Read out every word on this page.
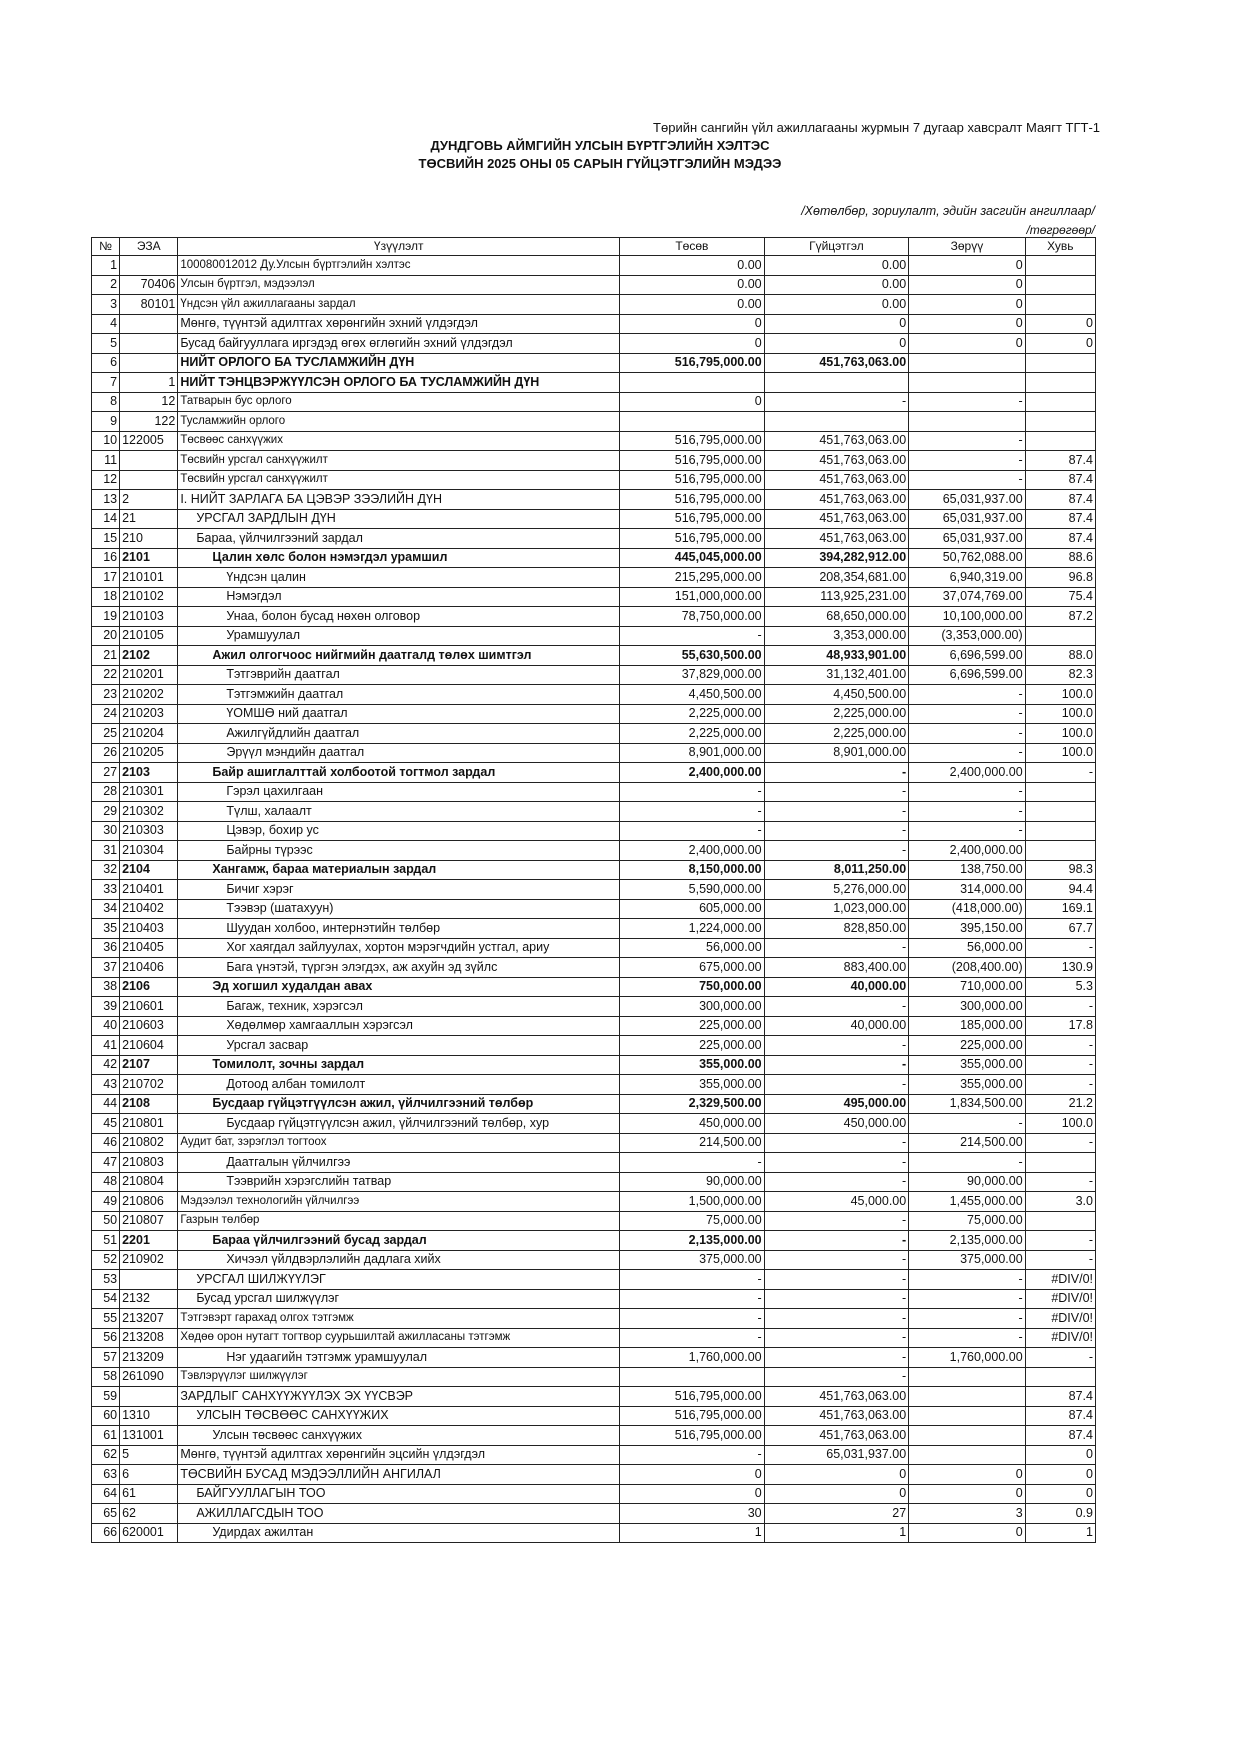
Төрийн сангийн үйл ажиллагааны журмын 7 дугаар хавсралт Маягт ТГТ-1
ДУНДГОВЬ АЙМГИЙН УЛСЫН БҮРТГЭЛИЙН ХЭЛТЭС
ТӨСВИЙН 2025 ОНЫ 05 САРЫН ГҮЙЦЭТГЭЛИЙН МЭДЭЭ
/Хөтөлбөр, зориулалт, эдийн засгийн ангиллаар/
/төгрөгөөр/
№	ЭЗА	Үзүүлэлт	Төсөв	Гүйцэтгэл	Зөрүү	Хувь
1		100080012012 Ду.Улсын бүртгэлийн хэлтэс	0.00	0.00	0	
2	70406	Улсын бүртгэл, мэдээлэл	0.00	0.00	0	
3	80101	Үндсэн үйл ажиллагааны зардал	0.00	0.00	0	
4		Мөнгө, түүнтэй адилтгах хөрөнгийн эхний үлдэгдэл	0	0	0	0
5		Бусад байгууллага иргэдэд өгөх өглөгийн эхний үлдэгдэл	0	0	0	0
6		НИЙТ ОРЛОГО БА ТУСЛАМЖИЙН ДҮН	516,795,000.00	451,763,063.00		
7	1	НИЙТ ТЭНЦВЭРЖҮҮЛСЭН ОРЛОГО БА ТУСЛАМЖИЙН ДҮН				
8	12	Татварын бус орлого	0	-	-	
9	122	Тусламжийн орлого				
10	122005	Төсвөөс санхүүжих	516,795,000.00	451,763,063.00	-	
11		Төсвийн урсгал санхүүжилт	516,795,000.00	451,763,063.00	-	87.4
12		Төсвийн урсгал санхүүжилт	516,795,000.00	451,763,063.00	-	87.4
13	2	I. НИЙТ ЗАРЛАГА БА ЦЭВЭР ЗЭЭЛИЙН ДҮН	516,795,000.00	451,763,063.00	65,031,937.00	87.4
14	21	УРСГАЛ ЗАРДЛЫН ДҮН	516,795,000.00	451,763,063.00	65,031,937.00	87.4
15	210	Бараа, үйлчилгээний зардал	516,795,000.00	451,763,063.00	65,031,937.00	87.4
16	2101	Цалин хөлс болон нэмэгдэл урамшил	445,045,000.00	394,282,912.00	50,762,088.00	88.6
17	210101	Үндсэн цалин	215,295,000.00	208,354,681.00	6,940,319.00	96.8
18	210102	Нэмэгдэл	151,000,000.00	113,925,231.00	37,074,769.00	75.4
19	210103	Унаа, болон бусад нөхөн олговор	78,750,000.00	68,650,000.00	10,100,000.00	87.2
20	210105	Урамшуулал	-	3,353,000.00	(3,353,000.00)	
21	2102	Ажил олгогчоос нийгмийн даатгалд төлөх шимтгэл	55,630,500.00	48,933,901.00	6,696,599.00	88.0
22	210201	Тэтгэврийн даатгал	37,829,000.00	31,132,401.00	6,696,599.00	82.3
23	210202	Тэтгэмжийн даатгал	4,450,500.00	4,450,500.00	-	100.0
24	210203	ҮОМШӨ ний даатгал	2,225,000.00	2,225,000.00	-	100.0
25	210204	Ажилгүйдлийн даатгал	2,225,000.00	2,225,000.00	-	100.0
26	210205	Эрүүл мэндийн даатгал	8,901,000.00	8,901,000.00	-	100.0
27	2103	Байр ашиглалттай холбоотой тогтмол зардал	2,400,000.00	-	2,400,000.00	-
28	210301	Гэрэл цахилгаан	-	-	-	
29	210302	Түлш, халаалт	-	-	-	
30	210303	Цэвэр, бохир ус	-	-	-	
31	210304	Байрны түрээс	2,400,000.00	-	2,400,000.00	
32	2104	Хангамж, бараа материалын зардал	8,150,000.00	8,011,250.00	138,750.00	98.3
33	210401	Бичиг хэрэг	5,590,000.00	5,276,000.00	314,000.00	94.4
34	210402	Тээвэр (шатахуун)	605,000.00	1,023,000.00	(418,000.00)	169.1
35	210403	Шуудан холбоо, интернэтийн төлбөр	1,224,000.00	828,850.00	395,150.00	67.7
36	210405	Хог хаягдал зайлуулах, хортон мэрэгчдийн устгал, ариу	56,000.00	-	56,000.00	-
37	210406	Бага үнэтэй, түргэн элэгдэх, аж ахуйн эд зүйлс	675,000.00	883,400.00	(208,400.00)	130.9
38	2106	Эд хогшил худалдан авах	750,000.00	40,000.00	710,000.00	5.3
39	210601	Багаж, техник, хэрэгсэл	300,000.00	-	300,000.00	-
40	210603	Хөдөлмөр хамгааллын хэрэгсэл	225,000.00	40,000.00	185,000.00	17.8
41	210604	Урсгал засвар	225,000.00	-	225,000.00	-
42	2107	Томилолт, зочны зардал	355,000.00	-	355,000.00	-
43	210702	Дотоод албан томилолт	355,000.00	-	355,000.00	-
44	2108	Бусдаар гүйцэтгүүлсэн ажил, үйлчилгээний төлбөр	2,329,500.00	495,000.00	1,834,500.00	21.2
45	210801	Бусдаар гүйцэтгүүлсэн ажил, үйлчилгээний төлбөр, хур	450,000.00	450,000.00	-	100.0
46	210802	Аудит бат, зэрэглэл тогтоох	214,500.00	-	214,500.00	-
47	210803	Даатгалын үйлчилгээ	-	-	-	
48	210804	Тээврийн хэрэгслийн татвар	90,000.00	-	90,000.00	-
49	210806	Мэдээлэл технологийн үйлчилгээ	1,500,000.00	45,000.00	1,455,000.00	3.0
50	210807	Газрын төлбөр	75,000.00	-	75,000.00	
51	2201	Бараа үйлчилгээний бусад зардал	2,135,000.00	-	2,135,000.00	-
52	210902	Хичээл үйлдвэрлэлийн дадлага хийх	375,000.00	-	375,000.00	-
53		УРСГАЛ ШИЛЖҮҮЛЭГ	-	-	-	#DIV/0!
54	2132	Бусад урсгал шилжүүлэг	-	-	-	#DIV/0!
55	213207	Тэтгэвэрт гарахад олгох тэтгэмж	-	-	-	#DIV/0!
56	213208	Хөдөө орон нутагт тогтвор суурьшилтай ажилласаны тэтгэмж	-	-	-	#DIV/0!
57	213209	Нэг удаагийн тэтгэмж урамшуулал	1,760,000.00	-	1,760,000.00	-
58	261090	Тэвлэрүүлэг шилжүүлэг		-		
59		ЗАРДЛЫГ САНХҮҮЖҮҮЛЭХ ЭХ ҮҮСВЭР	516,795,000.00	451,763,063.00		87.4
60	1310	УЛСЫН ТӨСВӨӨС САНХҮҮЖИХ	516,795,000.00	451,763,063.00		87.4
61	131001	Улсын төсвөөс санхүүжих	516,795,000.00	451,763,063.00		87.4
62	5	Мөнгө, түүнтэй адилтгах хөрөнгийн эцсийн үлдэгдэл	-	65,031,937.00		0
63	6	ТӨСВИЙН БУСАД МЭДЭЭЛЛИЙН АНГИЛАЛ	0	0	0	0
64	61	БАЙГУУЛЛАГЫН ТОО	0	0	0	0
65	62	АЖИЛЛАГСДЫН ТОО	30	27	3	0.9
66	620001	Удирдах ажилтан	1	1	0	1
